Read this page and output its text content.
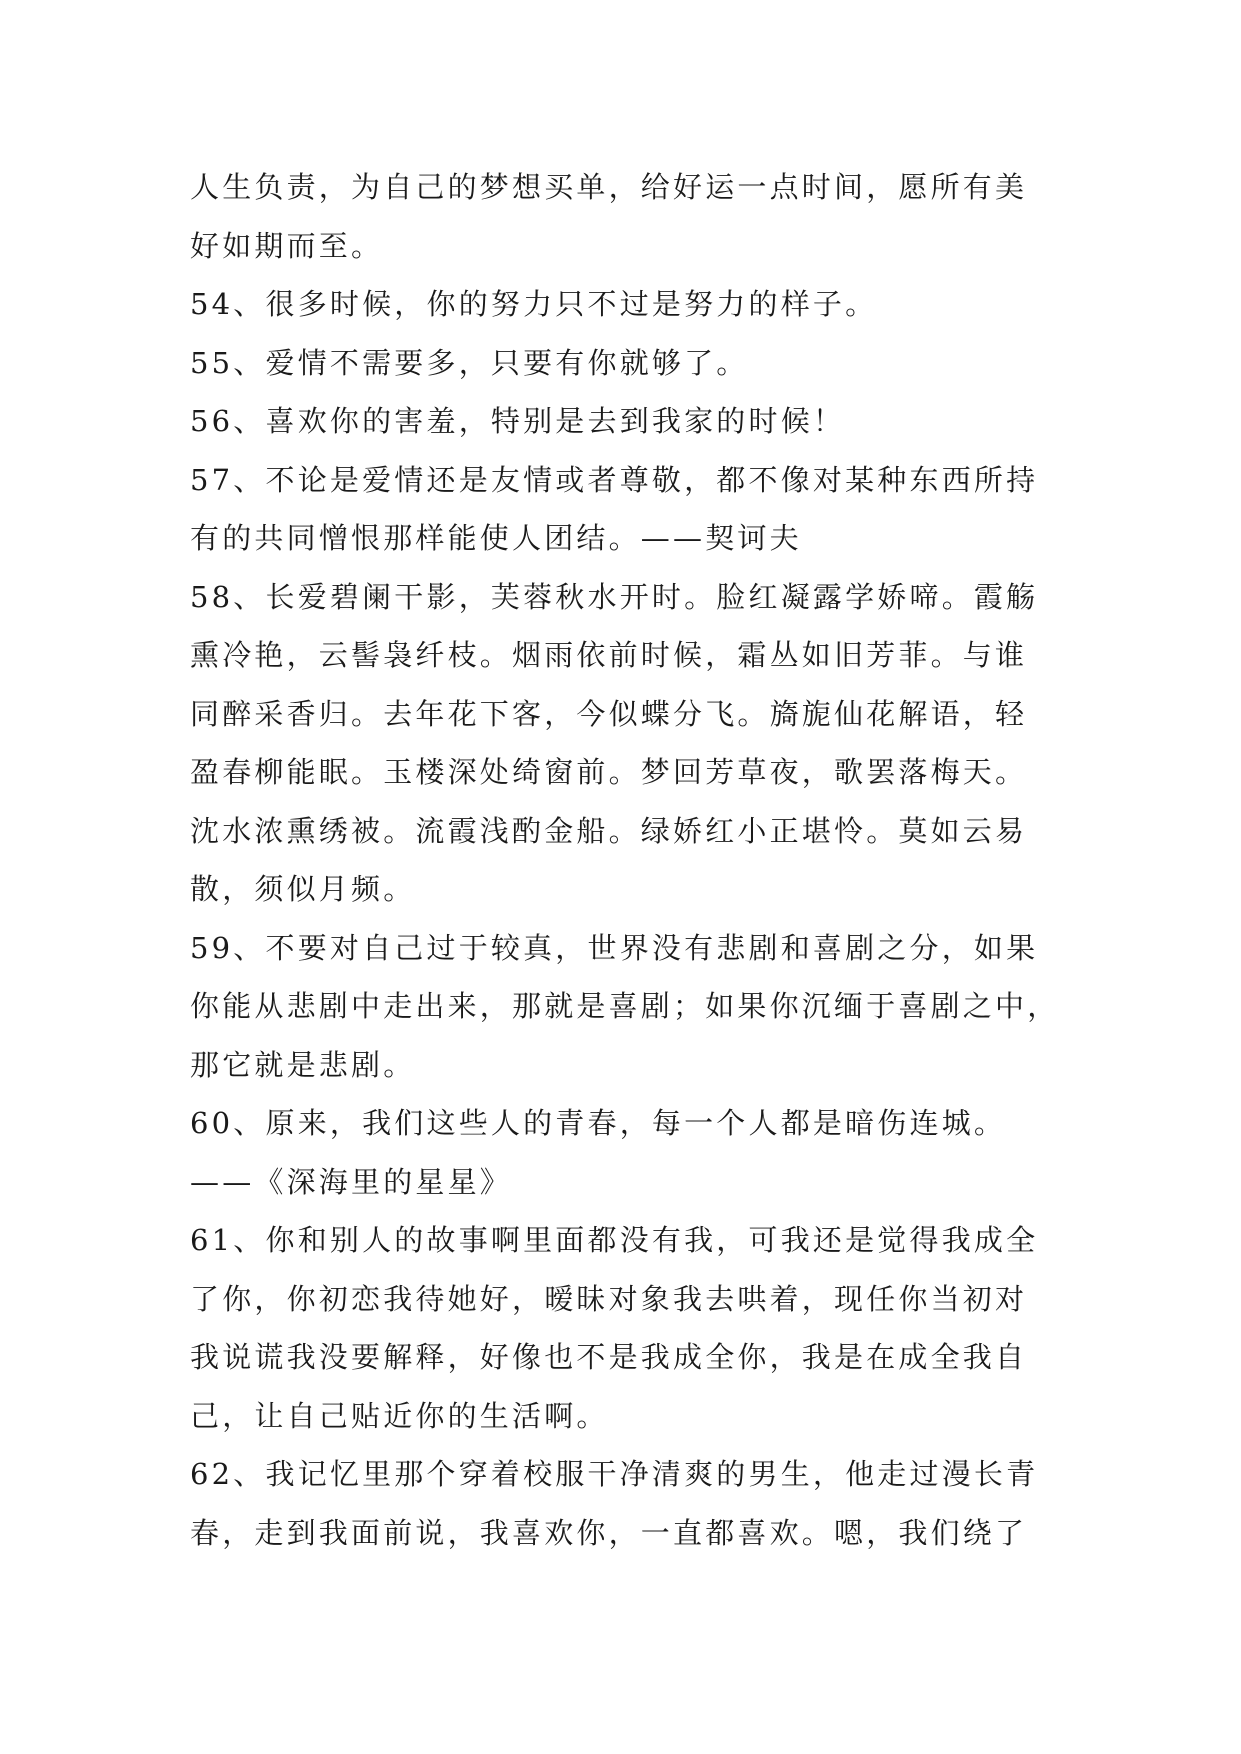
人生负责，为自己的梦想买单，给好运一点时间，愿所有美
好如期而至。
54、很多时候，你的努力只不过是努力的样子。
55、爱情不需要多，只要有你就够了。
56、喜欢你的害羞，特别是去到我家的时候！
57、不论是爱情还是友情或者尊敬，都不像对某种东西所持
有的共同憎恨那样能使人团结。——契诃夫
58、长爱碧阑干影，芙蓉秋水开时。脸红凝露学娇啼。霞觞
熏冷艳，云髻袅纤枝。烟雨依前时候，霜丛如旧芳菲。与谁
同醉采香归。去年花下客，今似蝶分飞。旖旎仙花解语，轻
盈春柳能眠。玉楼深处绮窗前。梦回芳草夜，歌罢落梅天。
沈水浓熏绣被。流霞浅酌金船。绿娇红小正堪怜。莫如云易
散，须似月频。
59、不要对自己过于较真，世界没有悲剧和喜剧之分，如果
你能从悲剧中走出来，那就是喜剧；如果你沉缅于喜剧之中，
那它就是悲剧。
60、原来，我们这些人的青春，每一个人都是暗伤连城。
——《深海里的星星》
61、你和别人的故事啊里面都没有我，可我还是觉得我成全
了你，你初恋我待她好，暧昧对象我去哄着，现任你当初对
我说谎我没要解释，好像也不是我成全你，我是在成全我自
己，让自己贴近你的生活啊。
62、我记忆里那个穿着校服干净清爽的男生，他走过漫长青
春，走到我面前说，我喜欢你，一直都喜欢。嗯，我们绕了
